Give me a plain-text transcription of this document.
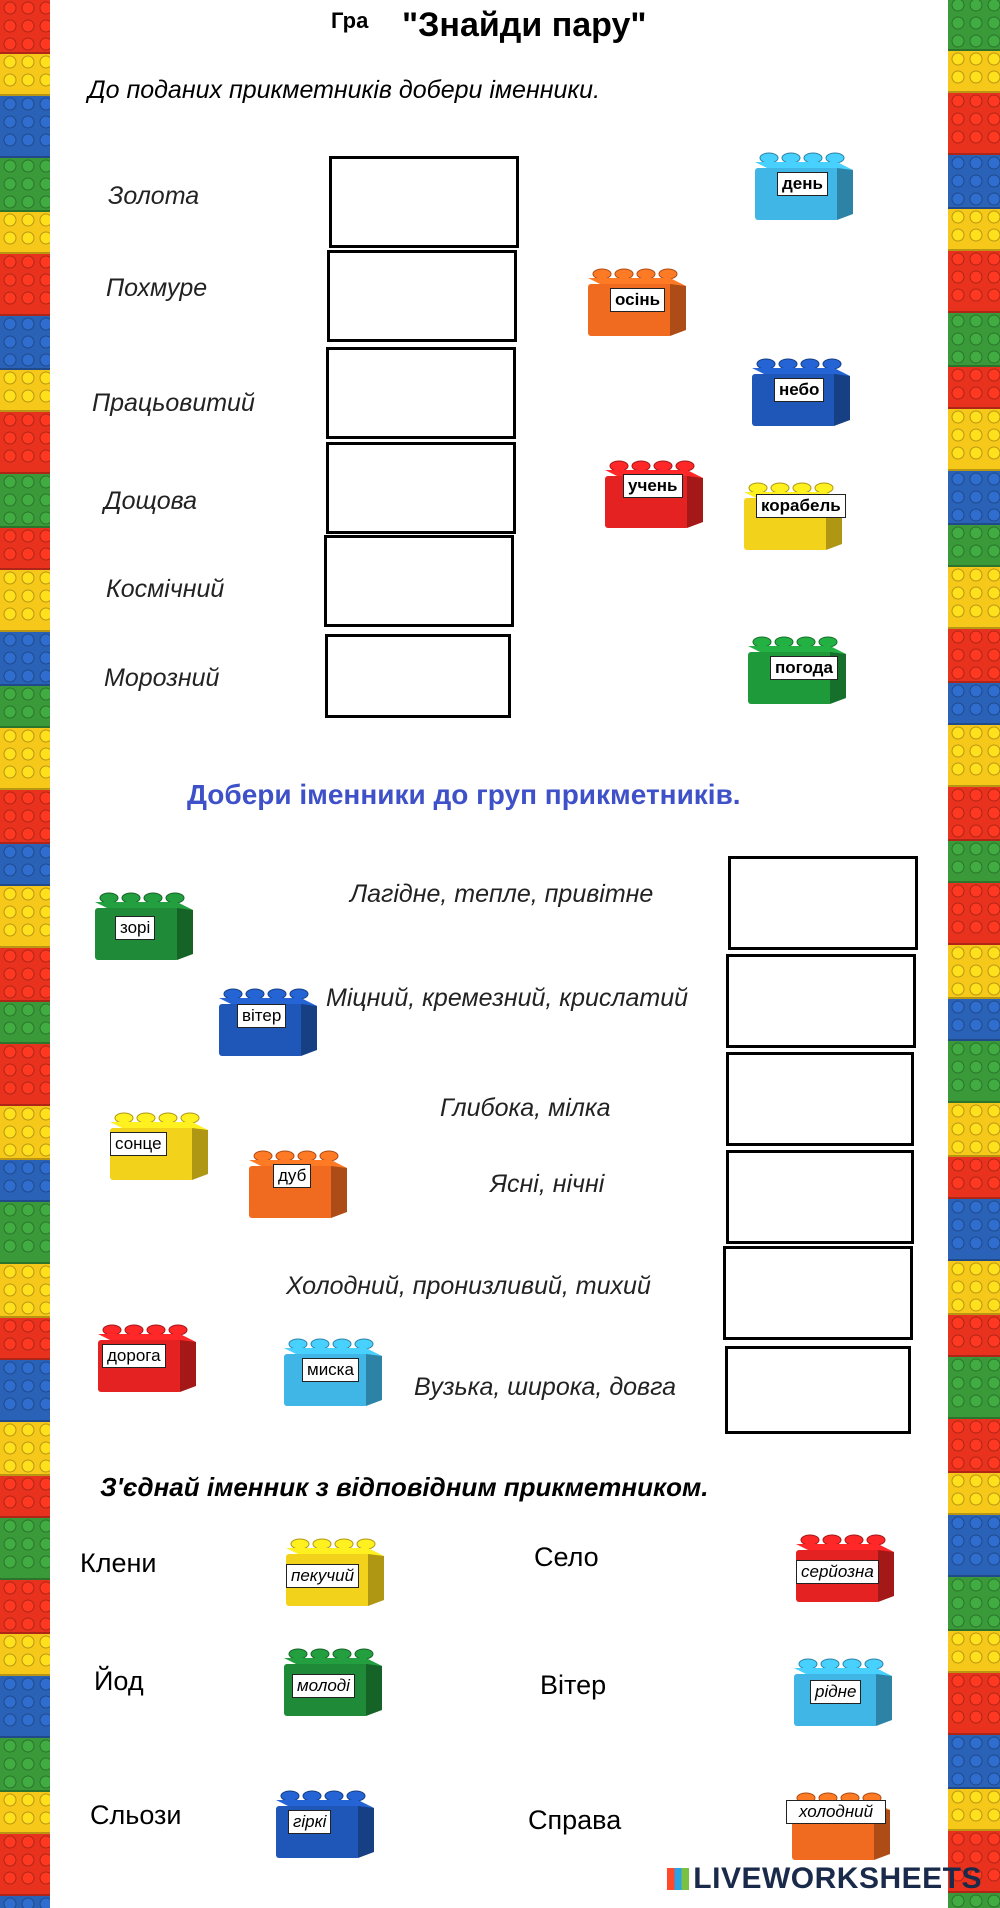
Гра "Знайди пару"
До поданих прикметників добери іменники.
Золота
Похмуре
Працьовитий
Дощова
Космічний
Морозний
день
осінь
небо
учень
корабель
погода
Добери іменники до груп прикметників.
Лагідне, тепле, привітне
Міцний, кремезний, крислатий
Глибока, мілка
Ясні, нічні
Холодний, пронизливий, тихий
Вузька, широка, довга
зорі
вітер
сонце
дуб
дорога
миска
З'єднай іменник з відповідним прикметником.
Клени
Йод
Сльози
Село
Вітер
Справа
пекучий
молоді
гіркі
серйозна
рідне
холодний
LIVEWORKSHEETS
